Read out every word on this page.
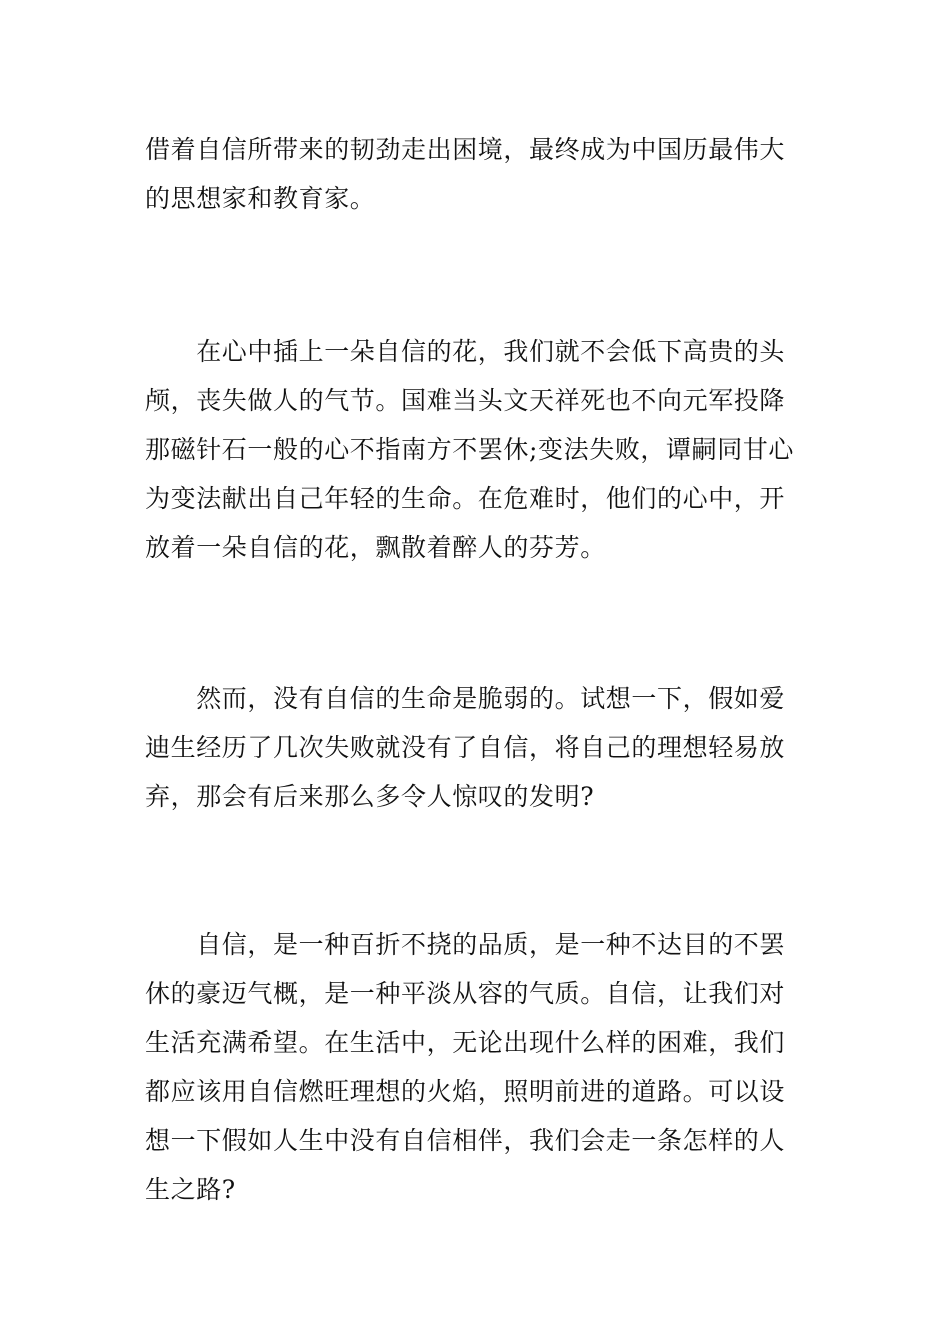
借着自信所带来的韧劲走出困境，最终成为中国历最伟大
的思想家和教育家。

　　在心中插上一朵自信的花，我们就不会低下高贵的头
颅，丧失做人的气节。国难当头文天祥死也不向元军投降
那磁针石一般的心不指南方不罢休;变法失败，谭嗣同甘心
为变法献出自己年轻的生命。在危难时，他们的心中，开
放着一朵自信的花，飘散着醉人的芬芳。

　　然而，没有自信的生命是脆弱的。试想一下，假如爱
迪生经历了几次失败就没有了自信，将自己的理想轻易放
弃，那会有后来那么多令人惊叹的发明?

　　自信，是一种百折不挠的品质，是一种不达目的不罢
休的豪迈气概，是一种平淡从容的气质。自信，让我们对
生活充满希望。在生活中，无论出现什么样的困难，我们
都应该用自信燃旺理想的火焰，照明前进的道路。可以设
想一下假如人生中没有自信相伴，我们会走一条怎样的人
生之路?
